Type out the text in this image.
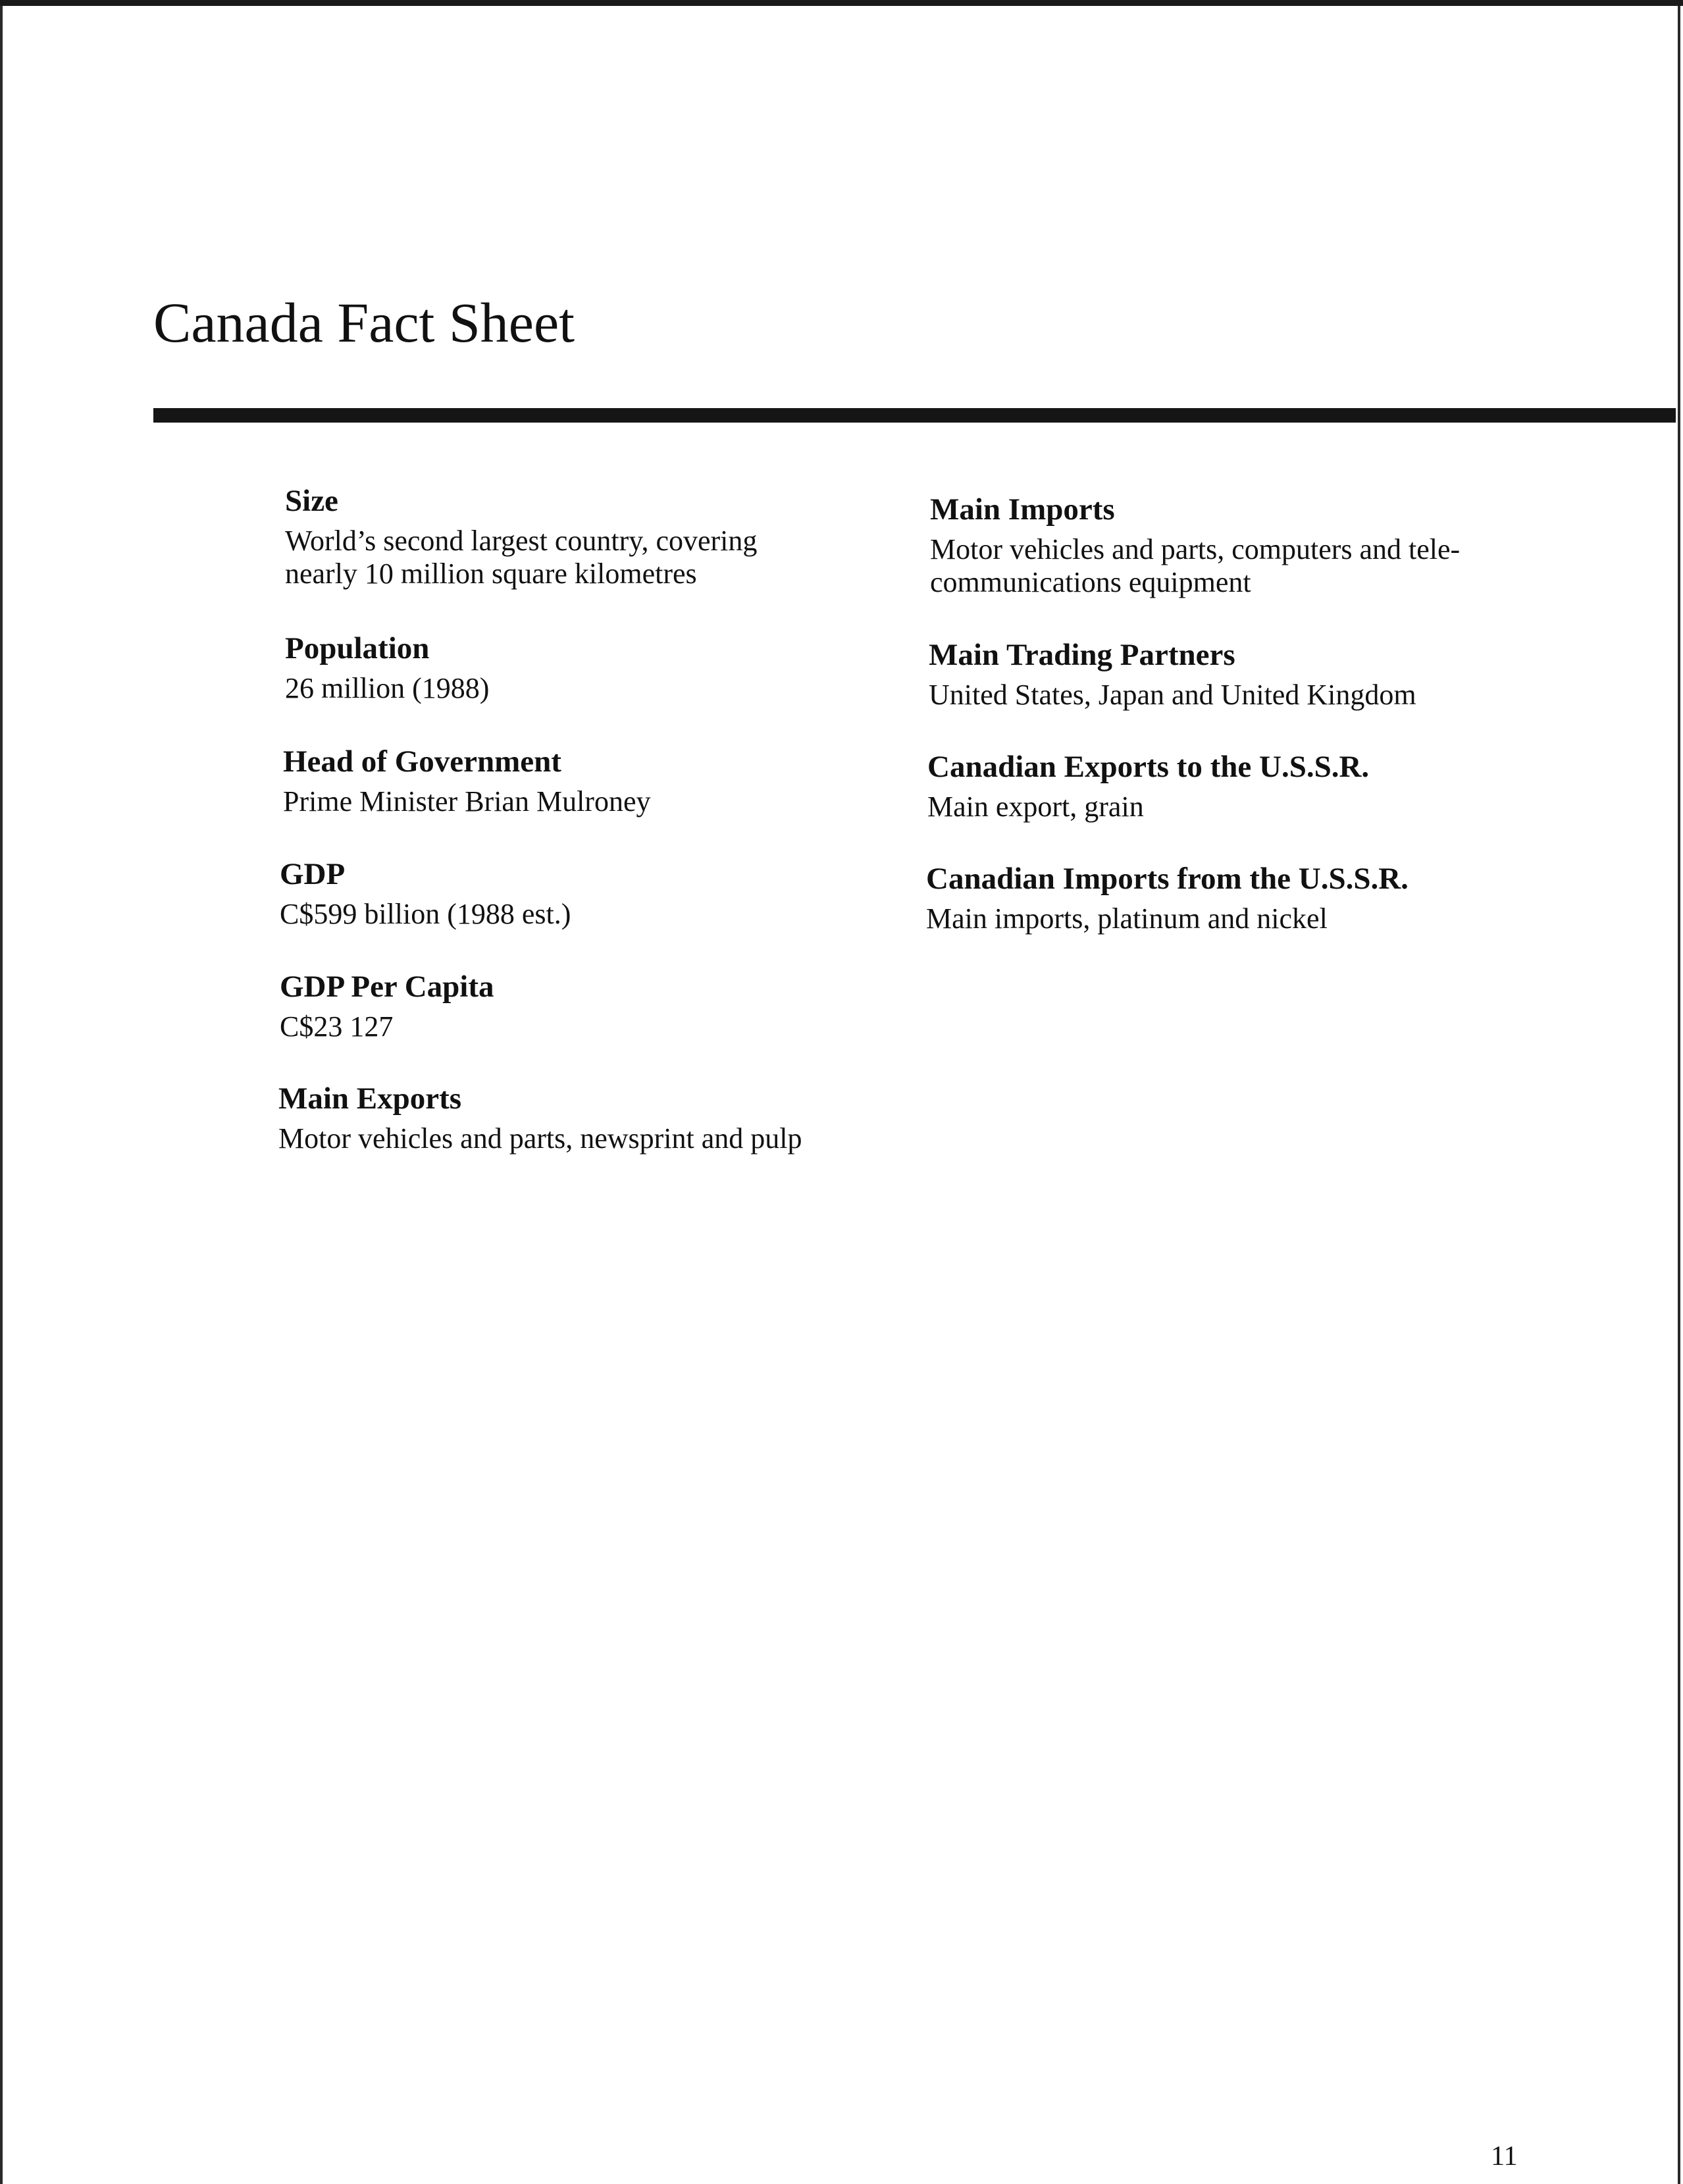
Canada Fact Sheet
Size

World’s second largest country, covering
nearly 10 million square kilometres

Population

26 million (1988)

Head of Government

Prime Minister Brian Mulroney

GDP

C$599 billion (1988 est.)

GDP Per Capita

C$23 127

Main Exports

Motor vehicles and parts, newsprint and pulp

Main Imports

Motor vehicles and parts, computers and tele-
communications equipment

Main Trading Partners

United States, Japan and United Kingdom

Canadian Exports to the U.S.S.R.

Main export, grain

Canadian Imports from the U.S.S.R.

Main imports, platinum and nickel

11
